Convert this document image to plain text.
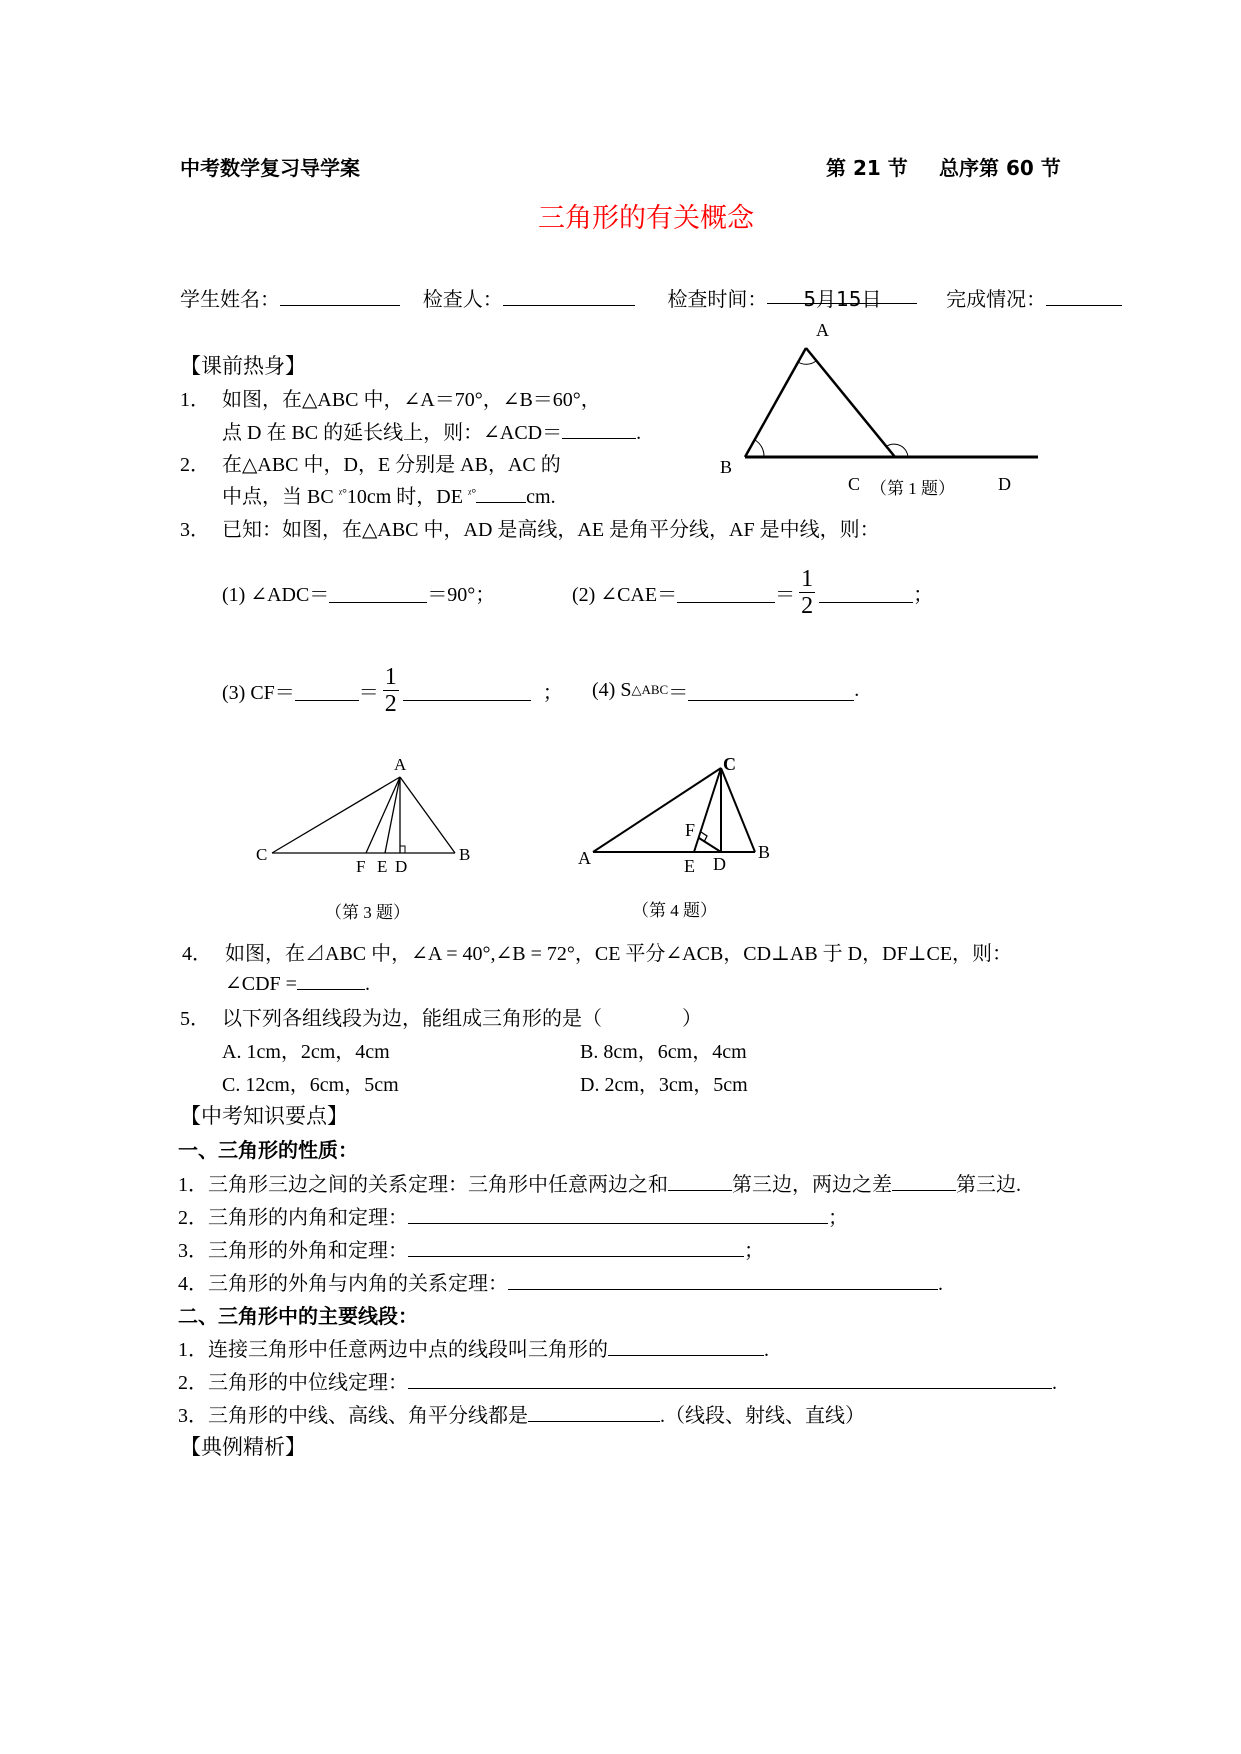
中考数学复习导学案	第 21 节 总序第 60 节
三角形的有关概念
学生姓名：	检查人：	检查时间： 5月15日	完成情况：
【课前热身】
1． 如图，在△ABC 中，∠A＝70°，∠B＝60°，
点 D 在 BC 的延长线上，则：∠ACD＝	.
2． 在△ABC 中，D，E 分别是 AB，AC 的
中点，当 BC $^{ᵡ^\circ}$10cm 时，DE $^{ᵡ^\circ}$	cm.
3． 已知：如图，在△ABC 中，AD 是高线，AE 是角平分线，AF 是中线，则：
(1) ∠ADC＝	＝90°；	(2) ∠CAE＝	＝ $\frac{1}{2}$	；
(3) CF＝	＝ $\frac{1}{2}$	； (4) S △ABC ＝	.
A
B
C	D
（第 1 题）
A
C	B
F E D
（第 3 题）
C
A	B
F
E D
（第 4 题）
4． 如图，在⊿ABC 中，∠A = 40°,∠B = 72°，CE 平分∠ACB，CD⊥AB 于 D，DF⊥CE，则：
∠CDF =	.
5． 以下列各组线段为边，能组成三角形的是（　　　　）
A. 1cm，2cm，4cm	B. 8cm，6cm，4cm
C. 12cm，6cm，5cm	D. 2cm，3cm，5cm
【中考知识要点】
一、三角形的性质：
1．三角形三边之间的关系定理：三角形中任意两边之和	第三边，两边之差	第三边.
2．三角形的内角和定理：	；
3．三角形的外角和定理：	；
4．三角形的外角与内角的关系定理：	.
二、三角形中的主要线段：
1．连接三角形中任意两边中点的线段叫三角形的	.
2．三角形的中位线定理：	.
3．三角形的中线、高线、角平分线都是	.（线段、射线、直线）
【典例精析】
